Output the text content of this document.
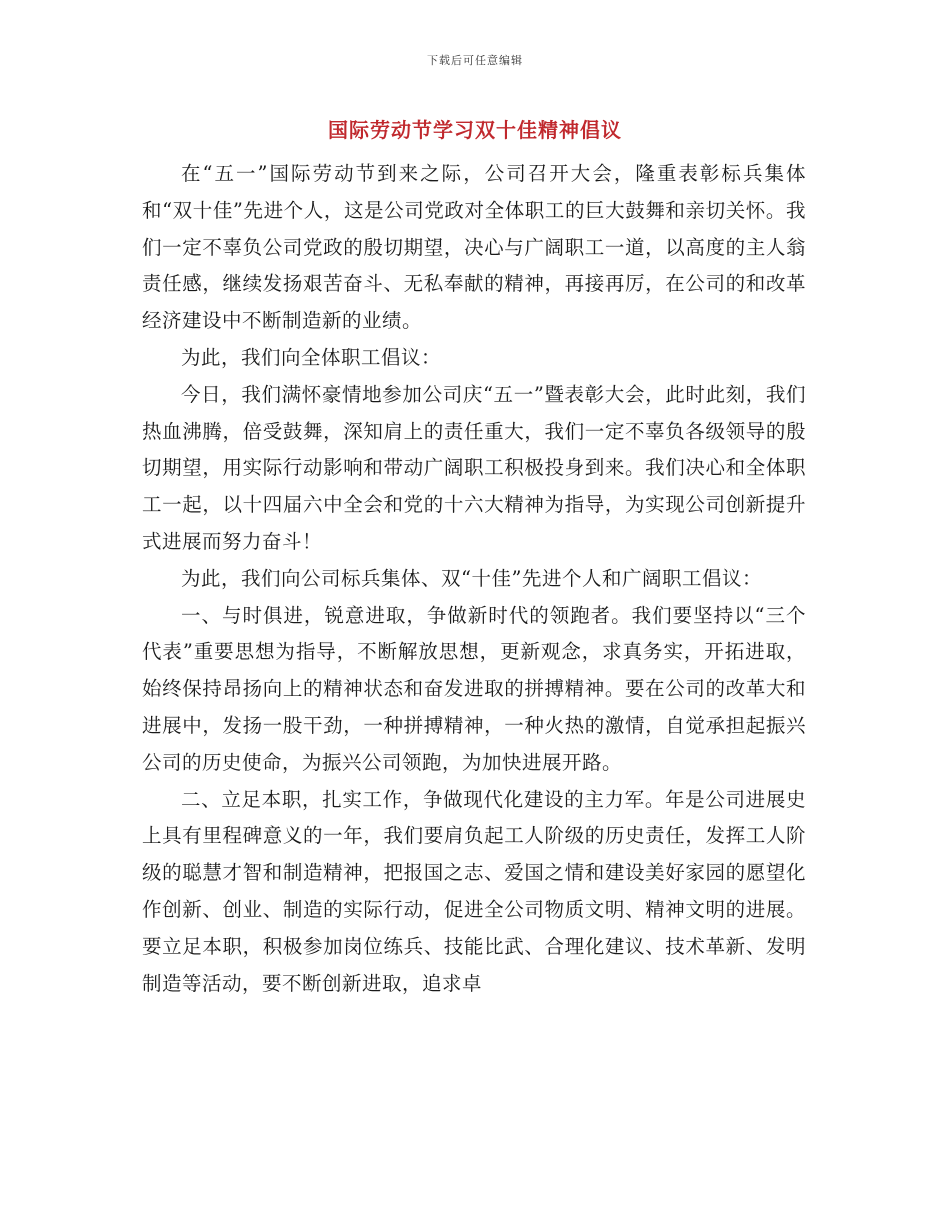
下载后可任意编辑
国际劳动节学习双十佳精神倡议

在“五一”国际劳动节到来之际，公司召开大会，隆重表彰标兵集体和“双十佳”先进个人，这是公司党政对全体职工的巨大鼓舞和亲切关怀。我们一定不辜负公司党政的殷切期望，决心与广阔职工一道，以高度的主人翁责任感，继续发扬艰苦奋斗、无私奉献的精神，再接再厉，在公司的和改革经济建设中不断制造新的业绩。

为此，我们向全体职工倡议：

今日，我们满怀豪情地参加公司庆“五一”暨表彰大会，此时此刻，我们热血沸腾，倍受鼓舞，深知肩上的责任重大，我们一定不辜负各级领导的殷切期望，用实际行动影响和带动广阔职工积极投身到来。我们决心和全体职工一起，以十四届六中全会和党的十六大精神为指导，为实现公司创新提升式进展而努力奋斗！

为此，我们向公司标兵集体、双“十佳”先进个人和广阔职工倡议：

一、与时俱进，锐意进取，争做新时代的领跑者。我们要坚持以“三个代表”重要思想为指导，不断解放思想，更新观念，求真务实，开拓进取，始终保持昂扬向上的精神状态和奋发进取的拼搏精神。要在公司的改革大和进展中，发扬一股干劲，一种拼搏精神，一种火热的激情，自觉承担起振兴公司的历史使命，为振兴公司领跑，为加快进展开路。

二、立足本职，扎实工作，争做现代化建设的主力军。年是公司进展史上具有里程碑意义的一年，我们要肩负起工人阶级的历史责任，发挥工人阶级的聪慧才智和制造精神，把报国之志、爱国之情和建设美好家园的愿望化作创新、创业、制造的实际行动，促进全公司物质文明、精神文明的进展。要立足本职，积极参加岗位练兵、技能比武、合理化建议、技术革新、发明制造等活动，要不断创新进取，追求卓
